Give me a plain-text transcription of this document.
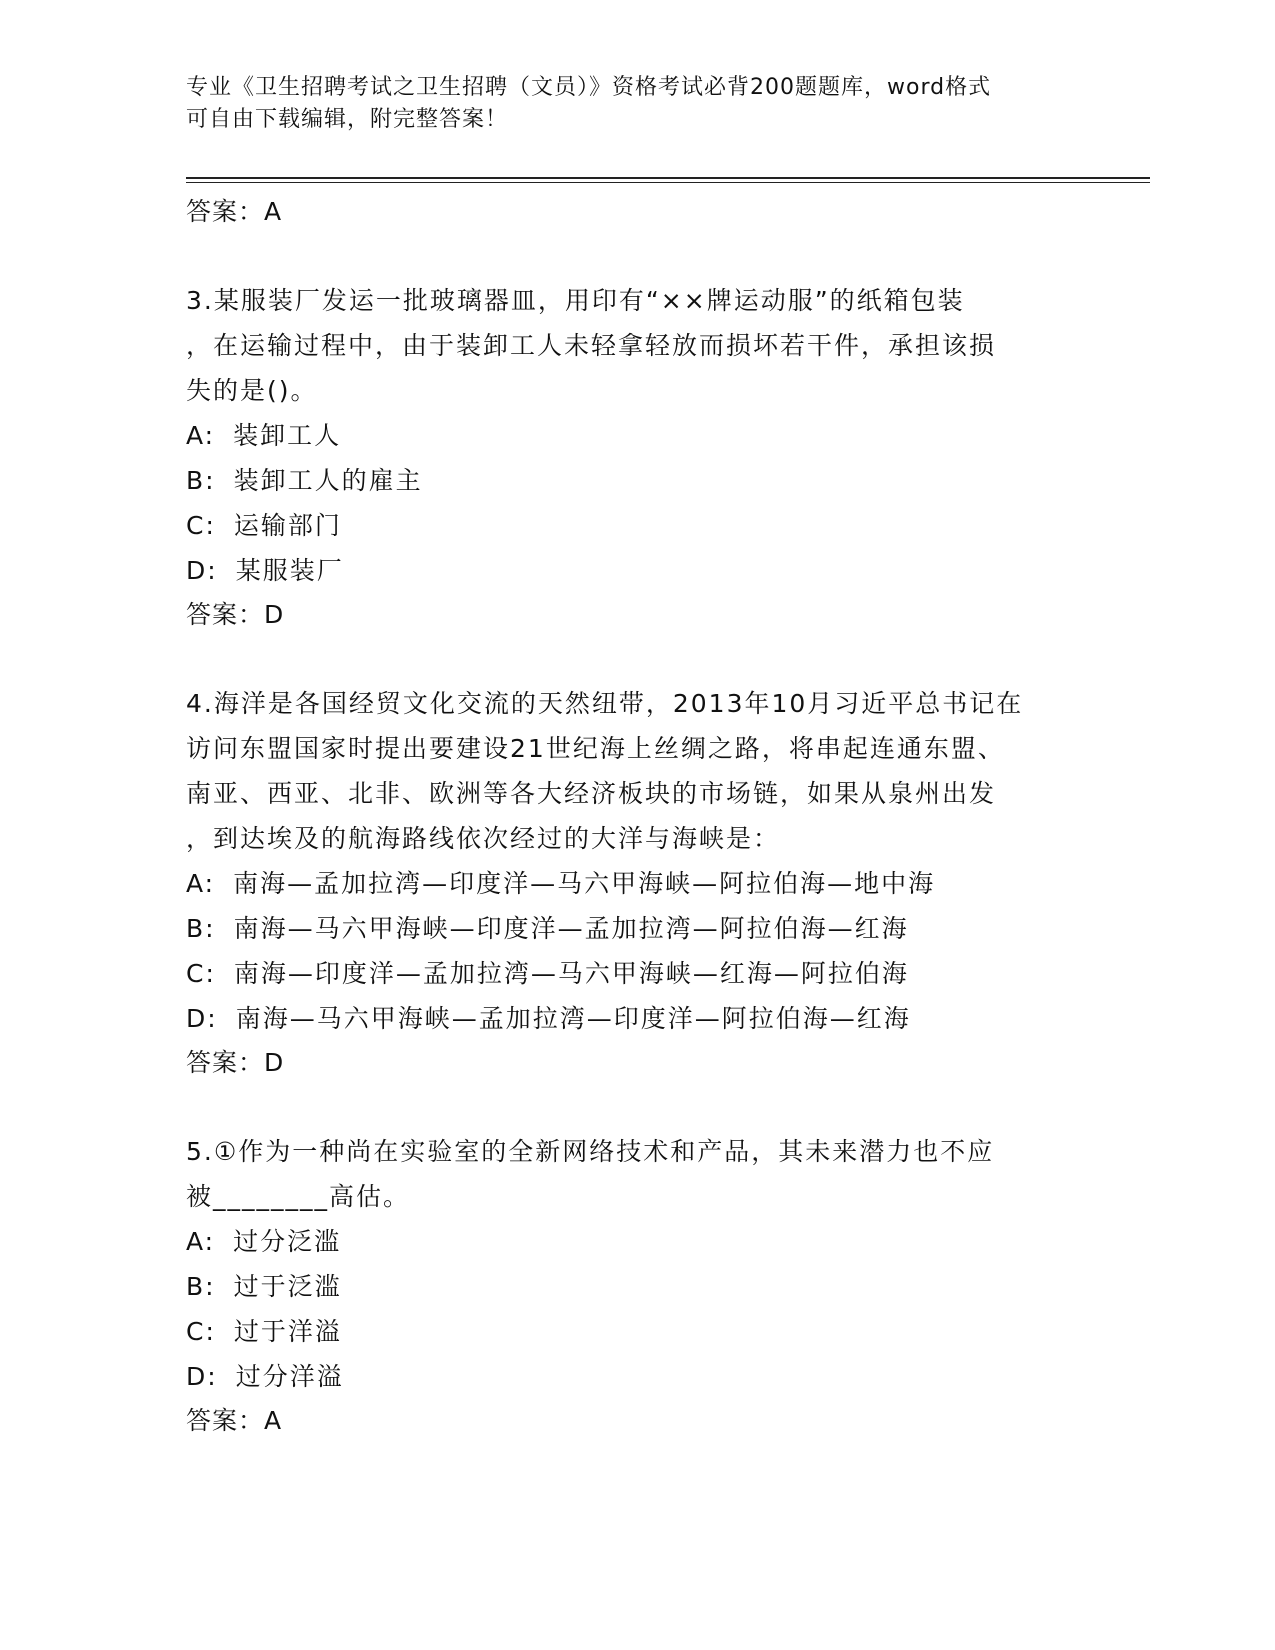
专业《卫生招聘考试之卫生招聘（文员）》资格考试必背200题题库，word格式
可自由下载编辑，附完整答案！
答案：A
3.某服装厂发运一批玻璃器皿，用印有“××牌运动服”的纸箱包装
，在运输过程中，由于装卸工人未轻拿轻放而损坏若干件，承担该损
失的是()。
A: 装卸工人
B: 装卸工人的雇主
C: 运输部门
D: 某服装厂
答案：D
4.海洋是各国经贸文化交流的天然纽带，2013年10月习近平总书记在
访问东盟国家时提出要建设21世纪海上丝绸之路，将串起连通东盟、
南亚、西亚、北非、欧洲等各大经济板块的市场链，如果从泉州出发
，到达埃及的航海路线依次经过的大洋与海峡是：
A: 南海—孟加拉湾—印度洋—马六甲海峡—阿拉伯海—地中海
B: 南海—马六甲海峡—印度洋—孟加拉湾—阿拉伯海—红海
C: 南海—印度洋—孟加拉湾—马六甲海峡—红海—阿拉伯海
D: 南海—马六甲海峡—孟加拉湾—印度洋—阿拉伯海—红海
答案：D
5.①作为一种尚在实验室的全新网络技术和产品，其未来潜力也不应
被________高估。
A: 过分泛滥
B: 过于泛滥
C: 过于洋溢
D: 过分洋溢
答案：A
